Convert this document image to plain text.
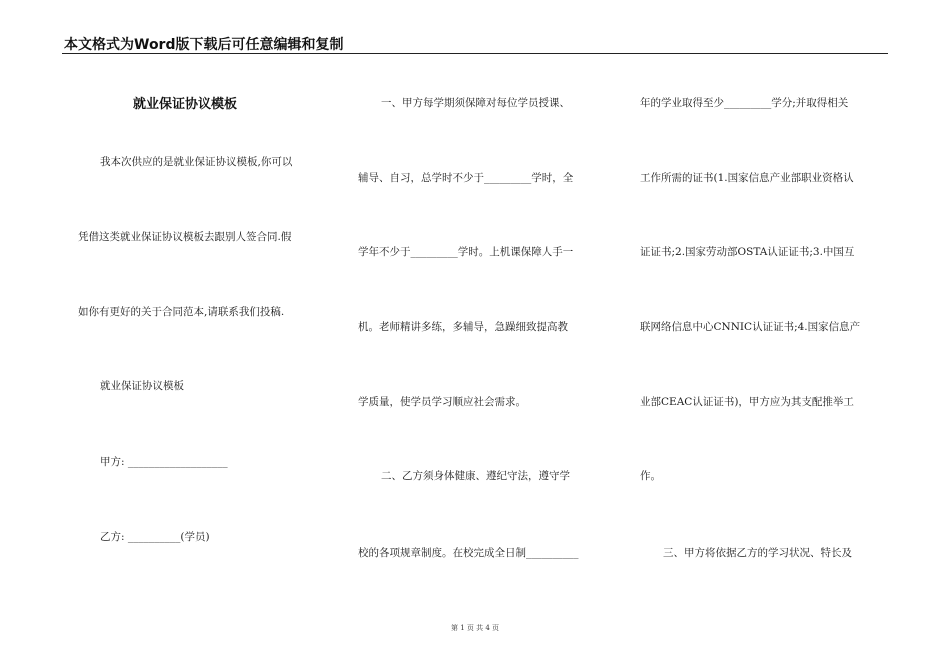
本文格式为Word版下载后可任意编辑和复制
就业保证协议模板
我本次供应的是就业保证协议模板,你可以
凭借这类就业保证协议模板去跟别人签合同.假
如你有更好的关于合同范本,请联系我们投稿.
就业保证协议模板
甲方: ___________________
乙方: __________(学员)
一、甲方每学期须保障对每位学员授课、
辅导、自习，总学时不少于_________学时，全
学年不少于_________学时。上机课保障人手一
机。老师精讲多练，多辅导，急躁细致提高教
学质量，使学员学习顺应社会需求。
二、乙方须身体健康、遵纪守法，遵守学
校的各项规章制度。在校完成全日制__________
年的学业取得至少_________学分;并取得相关
工作所需的证书(1.国家信息产业部职业资格认
证证书;2.国家劳动部OSTA认证证书;3.中国互
联网络信息中心CNNIC认证证书;4.国家信息产
业部CEAC认证证书)，甲方应为其支配推举工
作。
三、甲方将依据乙方的学习状况、特长及
第 1 页 共 4 页
